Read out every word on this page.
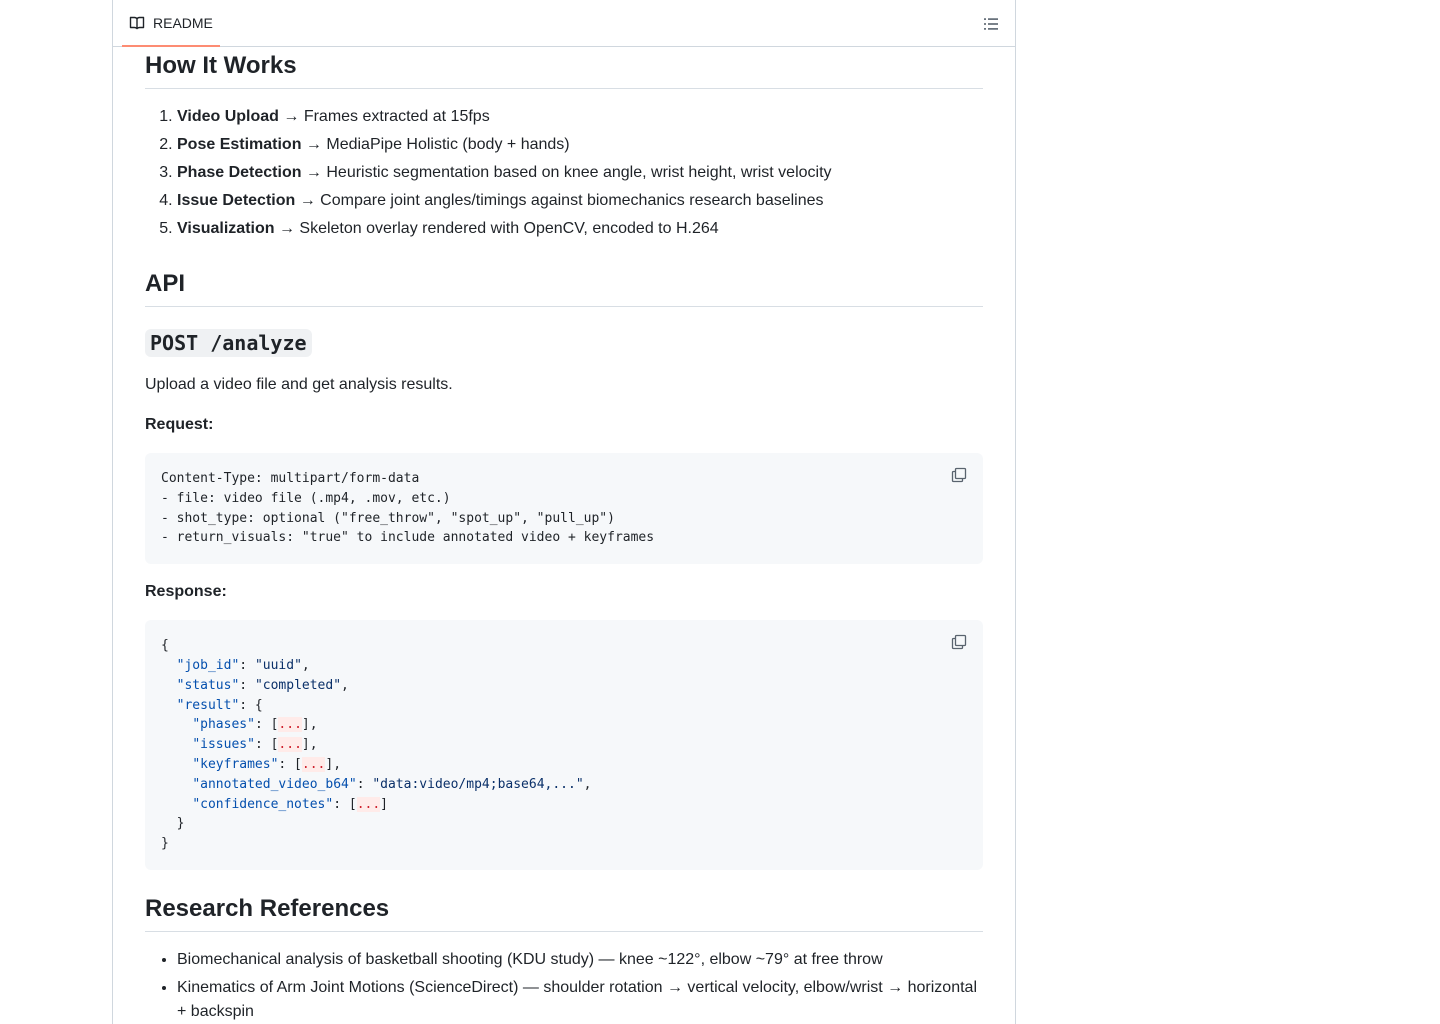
README
How It Works
1. Video Upload → Frames extracted at 15fps
2. Pose Estimation → MediaPipe Holistic (body + hands)
3. Phase Detection → Heuristic segmentation based on knee angle, wrist height, wrist velocity
4. Issue Detection → Compare joint angles/timings against biomechanics research baselines
5. Visualization → Skeleton overlay rendered with OpenCV, encoded to H.264
API
POST /analyze

Upload a video file and get analysis results.

Request:

Content-Type: multipart/form-data
- file: video file (.mp4, .mov, etc.)
- shot_type: optional ("free_throw", "spot_up", "pull_up")
- return_visuals: "true" to include annotated video + keyframes

Response:

{
"job_id": "uuid",
"status": "completed",
"result": {
"phases": [...],
"issues": [...],
"keyframes": [...],
"annotated_video_b64": "data:video/mp4;base64,...",
"confidence_notes": [...]
}
}
Research References
• Biomechanical analysis of basketball shooting (KDU study) — knee ~122°, elbow ~79° at free throw
• Kinematics of Arm Joint Motions (ScienceDirect) — shoulder rotation → vertical velocity, elbow/wrist → horizontal + backspin
